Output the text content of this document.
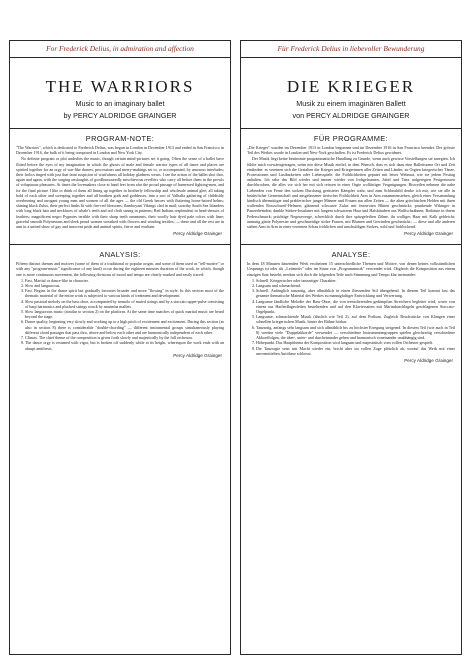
For Frederick Delius, in admiration and affection
THE WARRIORS
Music to an imaginary ballet
by PERCY ALDRIDGE GRAINGER
PROGRAM-NOTE:

"The Warriors", which is dedicated to Frederick Delius, was begun in London in December 1913 and ended in San Francisco in December 1916, the bulk of it being composed in London and New York City.

No definite program or plot underlies the music, though certain mind-pictures set it going. Often the sense of a ballet have flitted before the eyes of my imagination in which the ghosts of male and female warrior types of all times and places are spirited together for an orgy of war-like dances, processions and merry-makings set to, or accompanied, by amorous interludes; their frolics tinged with just that faint suspicion of wistfulness all holiday gladness wears. I see the action of the ballet shot thro, again and again, with the surging onslaughts of goodhumouredly mischievous revellers who carry all before them in the prowls of voluptuous pleasures. At times the lovemakers close at hand feet from afar the proud passage of harnessed fighting-men, and for the final picture I like to think of them all lining up together in brotherly fellowship and wholesale animal glee; all taking hold of each other and sweeping together and all heathen gods and goddesses, into a sort of Valhalla gathering of childishly overbearing and arrogant young men and women of all the ages — the old Greek heroes with fluttering horse-haired helms; shining black Zulus, their perfect limbs lit with fire-red blossoms; flamboyant Vikings clad in mail; swarthy South Sea Islanders with long black hair and necklaces of whale's teeth and red cloth strung in patterns; Red Indians resplendent in head-dresses of feathers; magnificent negro Pygmies terrible with their sharp teeth ornaments, their woolly hair dyed pale colors with lime; graceful smooth Polynesians and sleek proud women wreathed with flowers and winding textiles; — these and all the rest are in arm in a united show of gay and innocent pride and animal spirits, fierce and exultant.

Percy Aldridge Grainger
ANALYSIS:

Fifteen distinct themes and motives (some of them of a traditional or popular origin, and some of them used as "tell-motive" or with any "program-music" significance of any kind) occur during the eighteen minutes duration of the work, in which, though one is more continuous movement, the following divisions of mood and tempo are clearly marked and easily traced:

1. Fast, Martial or dance-like in character.
2. Slow and languorous.
3. Fast. Begins in the dance spirit but gradually becomes broader and more "flowing" in style. In this section most of the thematic material of the entire work is subjected to various kinds of treatment and development.
4. Slow pastoral melody on the bass oboe, accompanied by tremolo of muted strings and by a staccato upper-pulse consisting of harp harmonics and plucked strings struck by marimba mallets.
5. Slow languorous music (similar to section 2) on the platform. At the same time snatches of quick martial music are heard beyond the stage.
6. Dance quality, beginning very slowly and working up to a high pitch of excitement and excitement. During this section (as also in section 8) there is considerable "double-chording" — different instrumental groups simultaneously playing different chord passages that pass thro, above and below each other and are harmonically independent of each other.
7. Climax. The chief theme of the composition is given forth slowly and majestically by the full orchestra.
8. The dance orgy is resumed with vigor, but is broken off suddenly while at its height, whereupon the work ends with an abrupt antithesis.
Percy Aldridge Grainger
Für Frederick Delius in liebevoller Bewunderung
DIE KRIEGER
Musik zu einem imaginären Ballett
von PERCY ALDRIDGE GRAINGER
FÜR PROGRAMME:

„Die Krieger" wurden im Dezember 1913 in London begonnen und im Dezember 1916 in San Francisco beendet. Der grösste Teil des Werkes wurde in London und New-York geschaffen. Es ist Frederick Delius gewidmet.

Der Musik liegt keine bestimmte programmatische Handlung zu Grunde, wenn auch gewisse Vorstellungen sie anregten. Ich fühlte mich vorwärtsgetragen, wenn mir diese Musik einfiel, in dem Wunsch, dass es sich dazu eine Ballettszene Ort und Zeit einfinden: es vereinen sich die Gestalten der Krieger und Kriegerinnen aller Zeiten und Länder, zu Orgien kriegerischer Tänze, Prozessionen und Lustbarkeiten oder Liebesspiele, die Fröhlichkeiten gepaart mit leiser Wehmut, wie sie jedem Festtag anhaften. Ich sehe das Bild wieder und immer wieder von frohgelaunten, Jubel und Tanz aufgeregten Festgenossen durchbrochen, die alles vor sich her mit sich reissen in einer Orgie wollüstiger Vergnügungen. Bisweilen nehmen die nahe Liebenden von Ferne den stolzen Durchzug gerüsteter Kämpfer wahr, und zum Schlussbild denke ich mir, wie sie alle in brüderlicher Gemeinschaft und ausgelassener tierischer Fröhlichkeit Arm in Arm zusammenstehen, gleich einer Versammlung kindisch übermütiger und prahlerischer junger Männer und Frauen aus allen Zeiten — die alten griechischen Helden mit ihren wallenden Rossschweif-Helmen; glänzend schwarze Zulus mit feuerroten Blüten geschmückt; prunkende Wikinger in Panzerhemden; dunkle Südsee-Insulaner mit langem schwarzem Haar und Halsbändern aus Walfischzähnen; Rothäute in ihrem Federschmuck; prächtige Negerzwerge, schrecklich durch ihre spitzgefeilten Zähne, ihr wolliges Haar mit Kalk gebleicht; anmutig glatte Polynesier und geschmeidige stolze Frauen, mit Blumen und Gewinden geschmückt; — diese und alle anderen stehen Arm in Arm in einer vereinten Schau fröhlichen und unschuldigen Stolzes, wild und frohlockend.

Percy Aldridge Grainger
ANALYSE:

In dem 18 Minuten dauernden Werk erscheinen 15 unterschiedliche Themen und Motive, von denen keines volkstümlichen Ursprungs ist oder als „Leitmotiv" oder im Sinne von „Programmusik" verwendet wird. Obgleich die Komposition aus einem einzigen Satz besteht, merken sich doch die folgenden Teile nach Stimmung und Tempo klar ineinander:

1. Schnell. Kriegerischer oder tanzartiger Charakter.
2. Langsam und schmachtend.
3. Schnell. Anfänglich tanzartig, aber allmählich in einen fliessenden Stil übergehend. In diesem Teil kommt fast das gesamte thematische Material des Werkes zu mannigfaltiger Entwicklung und Verwertung.
4. Langsame ländliche Melodie der Bass-Oboe, die von tremolierenden gedämpften Streichern begleitet wird, sowie von einem aus Harfenflageoletten bestehenden und auf den Klaviersaiten mit Marimbaschlägeln geschlagenen Staccato-Orgelpunkt.
5. Langsame, schmachtende Musik (ähnlich wie Teil 2), auf dem Podium. Zugleich Bruchstücke von Klängen einer schnellen kriegerischen Musik, hinter der Bühne hörbar.
6. Tanzartig, anfangs sehr langsam und sich allmählich bis zu höchster Erregung steigernd. In diesem Teil (wie auch in Teil 8) werden viele "Doppelakkorde" verwendet — verschiedene Instrumentengruppen spielen gleichzeitig verschiedene Akkordfolgen, die über-, unter- und durcheinander gehen und harmonisch voneinander unabhängig sind.
7. Höhepunkt. Das Hauptthema der Komposition wird langsam und majestätisch vom vollen Orchester gespielt.
8. Die Tanzorgie setzt mit Macht wieder ein, bricht aber im vollen Zuge plötzlich ab, worauf das Werk mit einer unvermittelten Antithese schliesst.
Percy Aldridge Grainger
